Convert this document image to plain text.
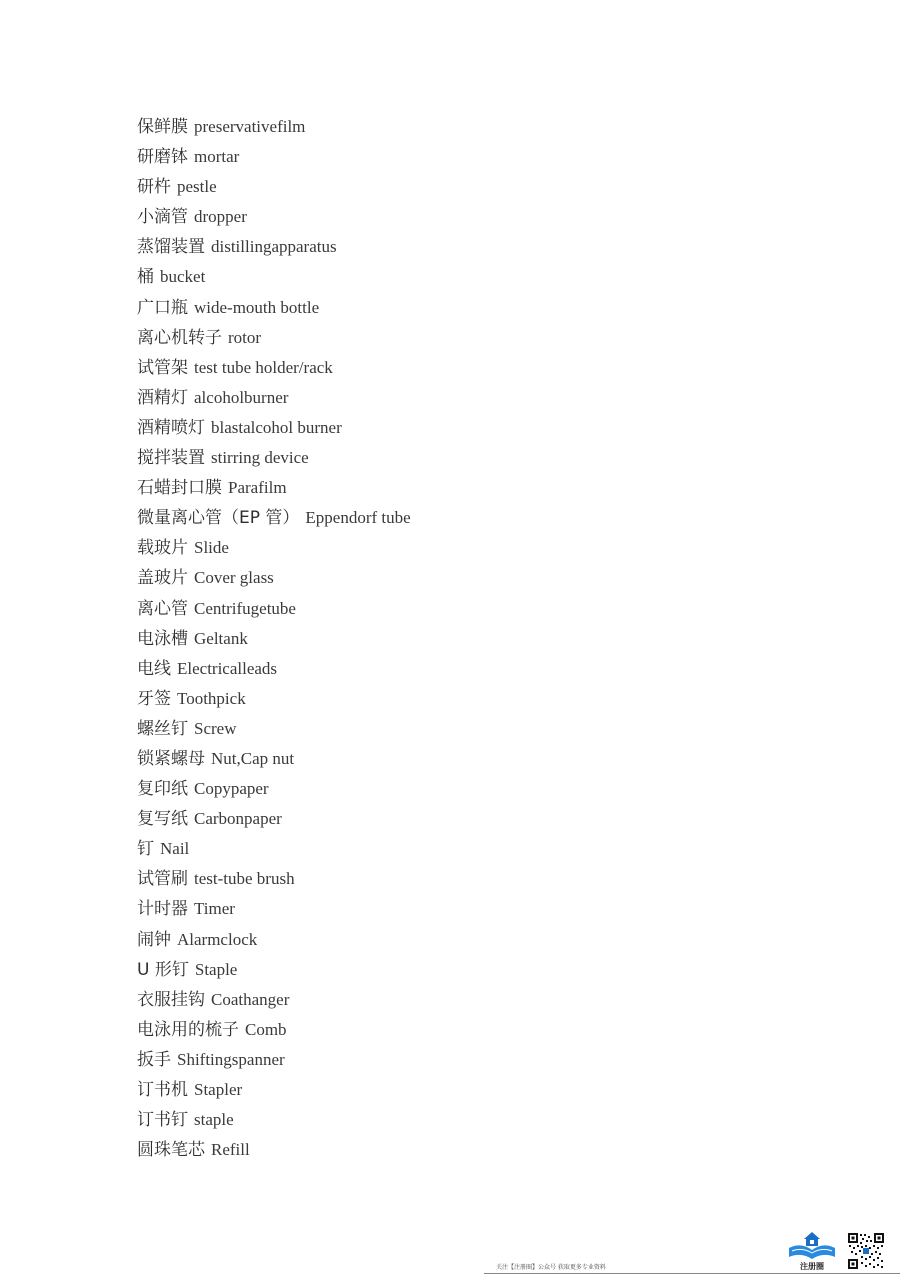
保鲜膜 preservativefilm
研磨钵 mortar
研杵 pestle
小滴管 dropper
蒸馏装置 distillingapparatus
桶 bucket
广口瓶 wide-mouth bottle
离心机转子 rotor
试管架 test tube holder/rack
酒精灯 alcoholburner
酒精喷灯 blastalcohol burner
搅拌装置 stirring device
石蜡封口膜 Parafilm
微量离心管（EP 管） Eppendorf tube
载玻片 Slide
盖玻片 Cover glass
离心管 Centrifugetube
电泳槽 Geltank
电线 Electricalleads
牙签 Toothpick
螺丝钉 Screw
锁紧螺母 Nut,Cap nut
复印纸 Copypaper
复写纸 Carbonpaper
钉 Nail
试管刷 test-tube brush
计时器 Timer
闹钟 Alarmclock
U 形钉 Staple
衣服挂钩 Coathanger
电泳用的梳子 Comb
扳手 Shiftingspanner
订书机 Stapler
订书钉 staple
圆珠笔芯 Refill
关注【注册圈】公众号 获取更多专业资料	注册圈
